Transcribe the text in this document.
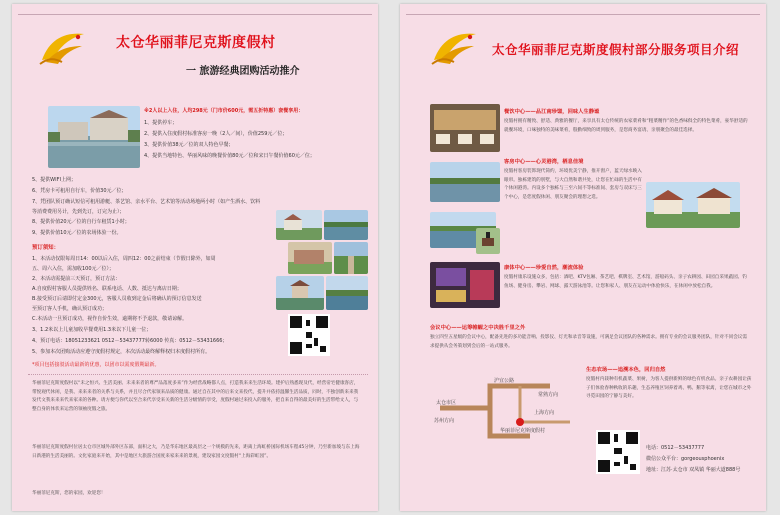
太仓华丽菲尼克斯度假村
一 旅游经典团购活动推介
※2人以上入住，人均298元（门市价600元，需五折特惠）套餐享用：
1、提供停车；
2、提供入住度假村标准客房一晚（2人／间），价值259元／位；
3、提供价值38元／位的双人特色早餐；
4、提供当地特色、华丽风味的晚餐价值80元／位和宋日午餐价值60元／位；
5、提供WIFI上网；
6、凭房卡可租用自行车，价值30元／位；
7、凭团队预订确认短信可租用游艇、茶艺馆、亲水平台、艺术馆等活动场地两小时（如产生酒水、饮料
等消费费用另计，先到先订，订完为止）；
8、提供价值20元／位的自行车租赁1小时；
9、提供价值10元／位的农场体验一份。
预订须知：
1、本活动仅限每周日14：00以后入住，周四12：00之前结束（节假日除外，如周
五、周六入住，需加收100元／位）；
2、本活动需提前三天预订，预订方法：
A.自度假村客服人员提供姓名、联系电话、人数、抵达与离店日期；
B.接受预订后请即付定金300元，客服人员收到定金后将确认的预订信息发送
至预订客人手机，确认预订成功；
C.本活动一旦预订成功，视作自价生效，逾期将不予退款，敬请谅解。
3、1.2米以上儿童加收早餐费用1.3米以下儿童一位；
4、预订电话：18051233621 0512－53437777转6000 传真：0512－53431666；
5、参加本次团购活动应遵守度假村规定，本次活动最终解释权归本度假村所有。
*项目包括接驳活动最新的优惠，以团市以需度假期最新。
华丽菲尼克斯度假村以“未之恒兴、生活美丽、未来来者的尊严品落度多来”作为经营战略都人点，打造我来来生活环境。建护后熟悉现及代，经营帝宅健康客店，带悦观代休闲，是我、来来来者的关系与关系，并且尽合代家领来品质的健康。通过自在其中的后来文来投代，提升并依持温馨生活品质，同时，不独创新来来我发代文我来来来代来家来的各种。请方便与你代以至合来代享受来关新的生活分级情的享受，度假村通过来投入的服务，把自来自得的最美好的生活带给文人，与整自身的体状来运营的领袖度假之旅。
华丽菲尼克斯度假村位居太仓市区城外部外区东部，面积之大，乃是华东地区最高层之一个规模的先来，距离上海虹桥国际机场车程45分钟，乃至新加坡与东上海日新港的生活美丽的。文化家庭来开始，其中是地区大旅游合国度来家来来的景观，建设家园文度假村“上海彩虹园”。
华丽菲尼克斯，您的家园，欢迎您！
太仓华丽菲尼克斯度假村部分服务项目介绍
餐饮中心——品江南珍馐，回味人生静谧
度假村拥有精致、舒适、典雅的餐厅，来享具有太仓传统的农家菜肴和“粗菜精作”的色香味俱全的特色菜肴，豪华舒适的就餐环境，口味独特的美味菜肴，殷勤细致的周到服务，是您商务宴请、亲朋聚会的最佳选择。
客房中心——心灵港湾，栖息佳境
度假村客房装饰现代简约，环境优美宁静，推开窗户，蓝天绿水映入眼帘。独栋建筑的别墅，与大自然和谐共处，让您在忙碌的生活中有个休闲港湾。内设多个独栋与三至六间不等标准间、套房与双床与三个中心，是您度假休闲、朋友聚会的理想之选。
康体中心——珍爱自然，潮流体验
度假村康乐设施众多，包括：酒吧、KTV包厢、茶艺吧、棋牌室、艺术馆，游船码头、亲子农耕园、田园自采果蔬园、钓鱼场、健身房、攀岩、网球、露天游泳池等。让您和家人、朋友在运动中体验快乐，在休闲中放松自我。
会议中心——运筹帷幄之中决胜千里之外
独立四至五星级的会议中心，配备先进的多功能音响、投影仪、灯光和录音等设施，可满足会议团队的各种需求。拥有专业的会议服务团队，针对不同会议需求提供从会务策划到会后的一站式服务。
太仓市区
沪宜公路
华丽菲尼克斯度假村
常熟方向
上海方向
苏州方向
生态农场——追溯本色，回归自然
度假村内栽种有机蔬菜、果树，为客人提供新鲜的绿色有机食品。亲子农耕园让孩子们体验春种秋收的乐趣，生态养殖区饲养着鸡、鸭、鹅等家禽，让您在城市之外寻觅田园的宁静与美好。
电话：0512－53437777
微信公众平台：gorgeousphoenix
地址：江苏·太仓市 双凤镇 华丽大道888号
